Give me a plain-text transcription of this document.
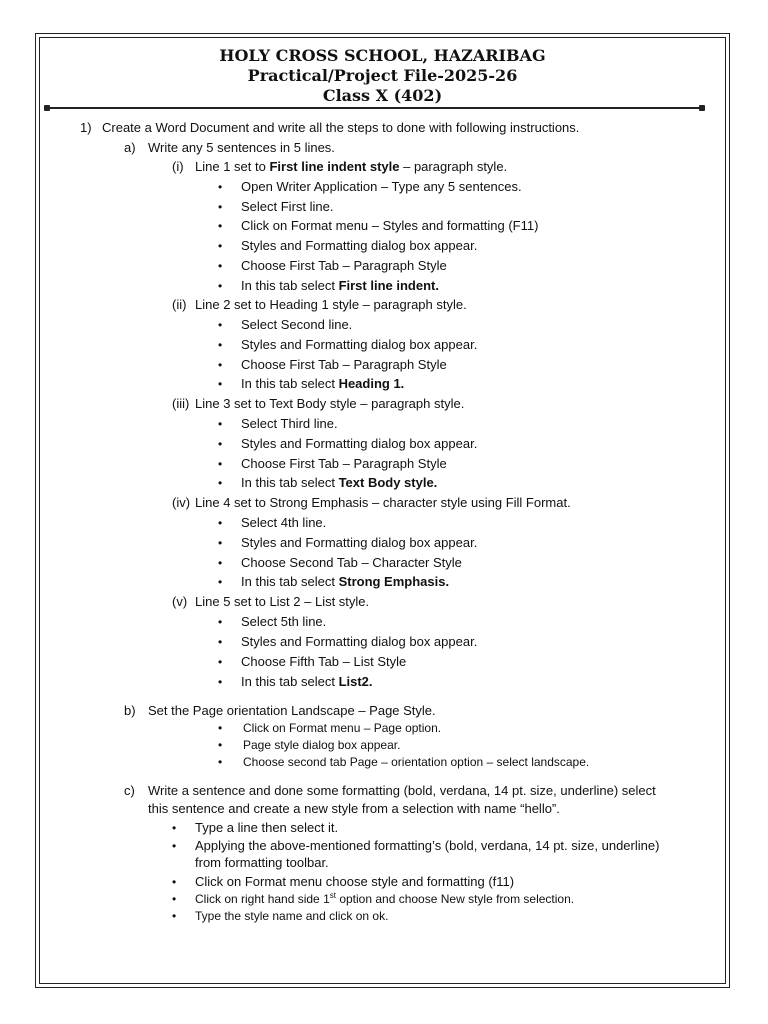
HOLY CROSS SCHOOL, HAZARIBAG
Practical/Project File-2025-26
Class X (402)
1) Create a Word Document and write all the steps to done with following instructions.
a) Write any 5 sentences in 5 lines.
(i) Line 1 set to First line indent style – paragraph style.
• Open Writer Application – Type any 5 sentences.
• Select First line.
• Click on Format menu – Styles and formatting (F11)
• Styles and Formatting dialog box appear.
• Choose First Tab – Paragraph Style
• In this tab select First line indent.
(ii) Line 2 set to Heading 1 style – paragraph style.
• Select Second line.
• Styles and Formatting dialog box appear.
• Choose First Tab – Paragraph Style
• In this tab select Heading 1.
(iii) Line 3 set to Text Body style – paragraph style.
• Select Third line.
• Styles and Formatting dialog box appear.
• Choose First Tab – Paragraph Style
• In this tab select Text Body style.
(iv) Line 4 set to Strong Emphasis – character style using Fill Format.
• Select 4th line.
• Styles and Formatting dialog box appear.
• Choose Second Tab – Character Style
• In this tab select Strong Emphasis.
(v) Line 5 set to List 2 – List style.
• Select 5th line.
• Styles and Formatting dialog box appear.
• Choose Fifth Tab – List Style
• In this tab select List2.
b) Set the Page orientation Landscape – Page Style.
• Click on Format menu – Page option.
• Page style dialog box appear.
• Choose second tab Page – orientation option – select landscape.
c) Write a sentence and done some formatting (bold, verdana, 14 pt. size, underline) select
this sentence and create a new style from a selection with name “hello”.
• Type a line then select it.
• Applying the above-mentioned formatting’s (bold, verdana, 14 pt. size, underline)
from formatting toolbar.
• Click on Format menu choose style and formatting (f11)
• Click on right hand side 1st option and choose New style from selection.
• Type the style name and click on ok.
